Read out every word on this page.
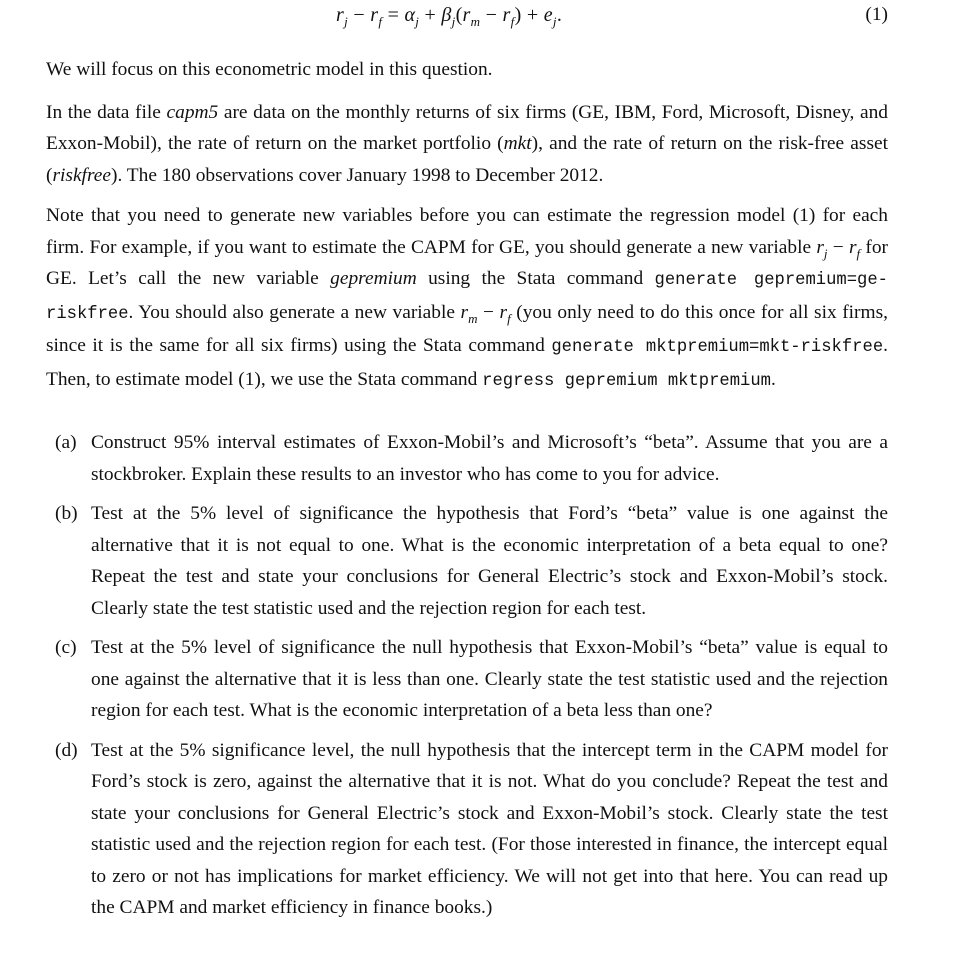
$r_j - r_f = \alpha_j + \beta_j(r_m - r_f) + e_j$.	(1)

We will focus on this econometric model in this question.

In the data file capm5 are data on the monthly returns of six firms (GE, IBM, Ford, Microsoft, Disney, and Exxon-Mobil), the rate of return on the market portfolio (mkt), and the rate of return on the risk-free asset (riskfree). The 180 observations cover January 1998 to December 2012.

Note that you need to generate new variables before you can estimate the regression model (1) for each firm. For example, if you want to estimate the CAPM for GE, you should generate a new variable $r_j - r_f$ for GE. Let’s call the new variable gepremium using the Stata command generate gepremium=ge-riskfree. You should also generate a new variable $r_m - r_f$ (you only need to do this once for all six firms, since it is the same for all six firms) using the Stata command generate mktpremium=mkt-riskfree. Then, to estimate model (1), we use the Stata command regress gepremium mktpremium.

(a) Construct 95% interval estimates of Exxon-Mobil’s and Microsoft’s “beta”. Assume that you are a stockbroker. Explain these results to an investor who has come to you for advice.

(b) Test at the 5% level of significance the hypothesis that Ford’s “beta” value is one against the alternative that it is not equal to one. What is the economic interpretation of a beta equal to one? Repeat the test and state your conclusions for General Electric’s stock and Exxon-Mobil’s stock. Clearly state the test statistic used and the rejection region for each test.

(c) Test at the 5% level of significance the null hypothesis that Exxon-Mobil’s “beta” value is equal to one against the alternative that it is less than one. Clearly state the test statistic used and the rejection region for each test. What is the economic interpretation of a beta less than one?

(d) Test at the 5% significance level, the null hypothesis that the intercept term in the CAPM model for Ford’s stock is zero, against the alternative that it is not. What do you conclude? Repeat the test and state your conclusions for General Electric’s stock and Exxon-Mobil’s stock. Clearly state the test statistic used and the rejection region for each test. (For those interested in finance, the intercept equal to zero or not has implications for market efficiency. We will not get into that here. You can read up the CAPM and market efficiency in finance books.)
